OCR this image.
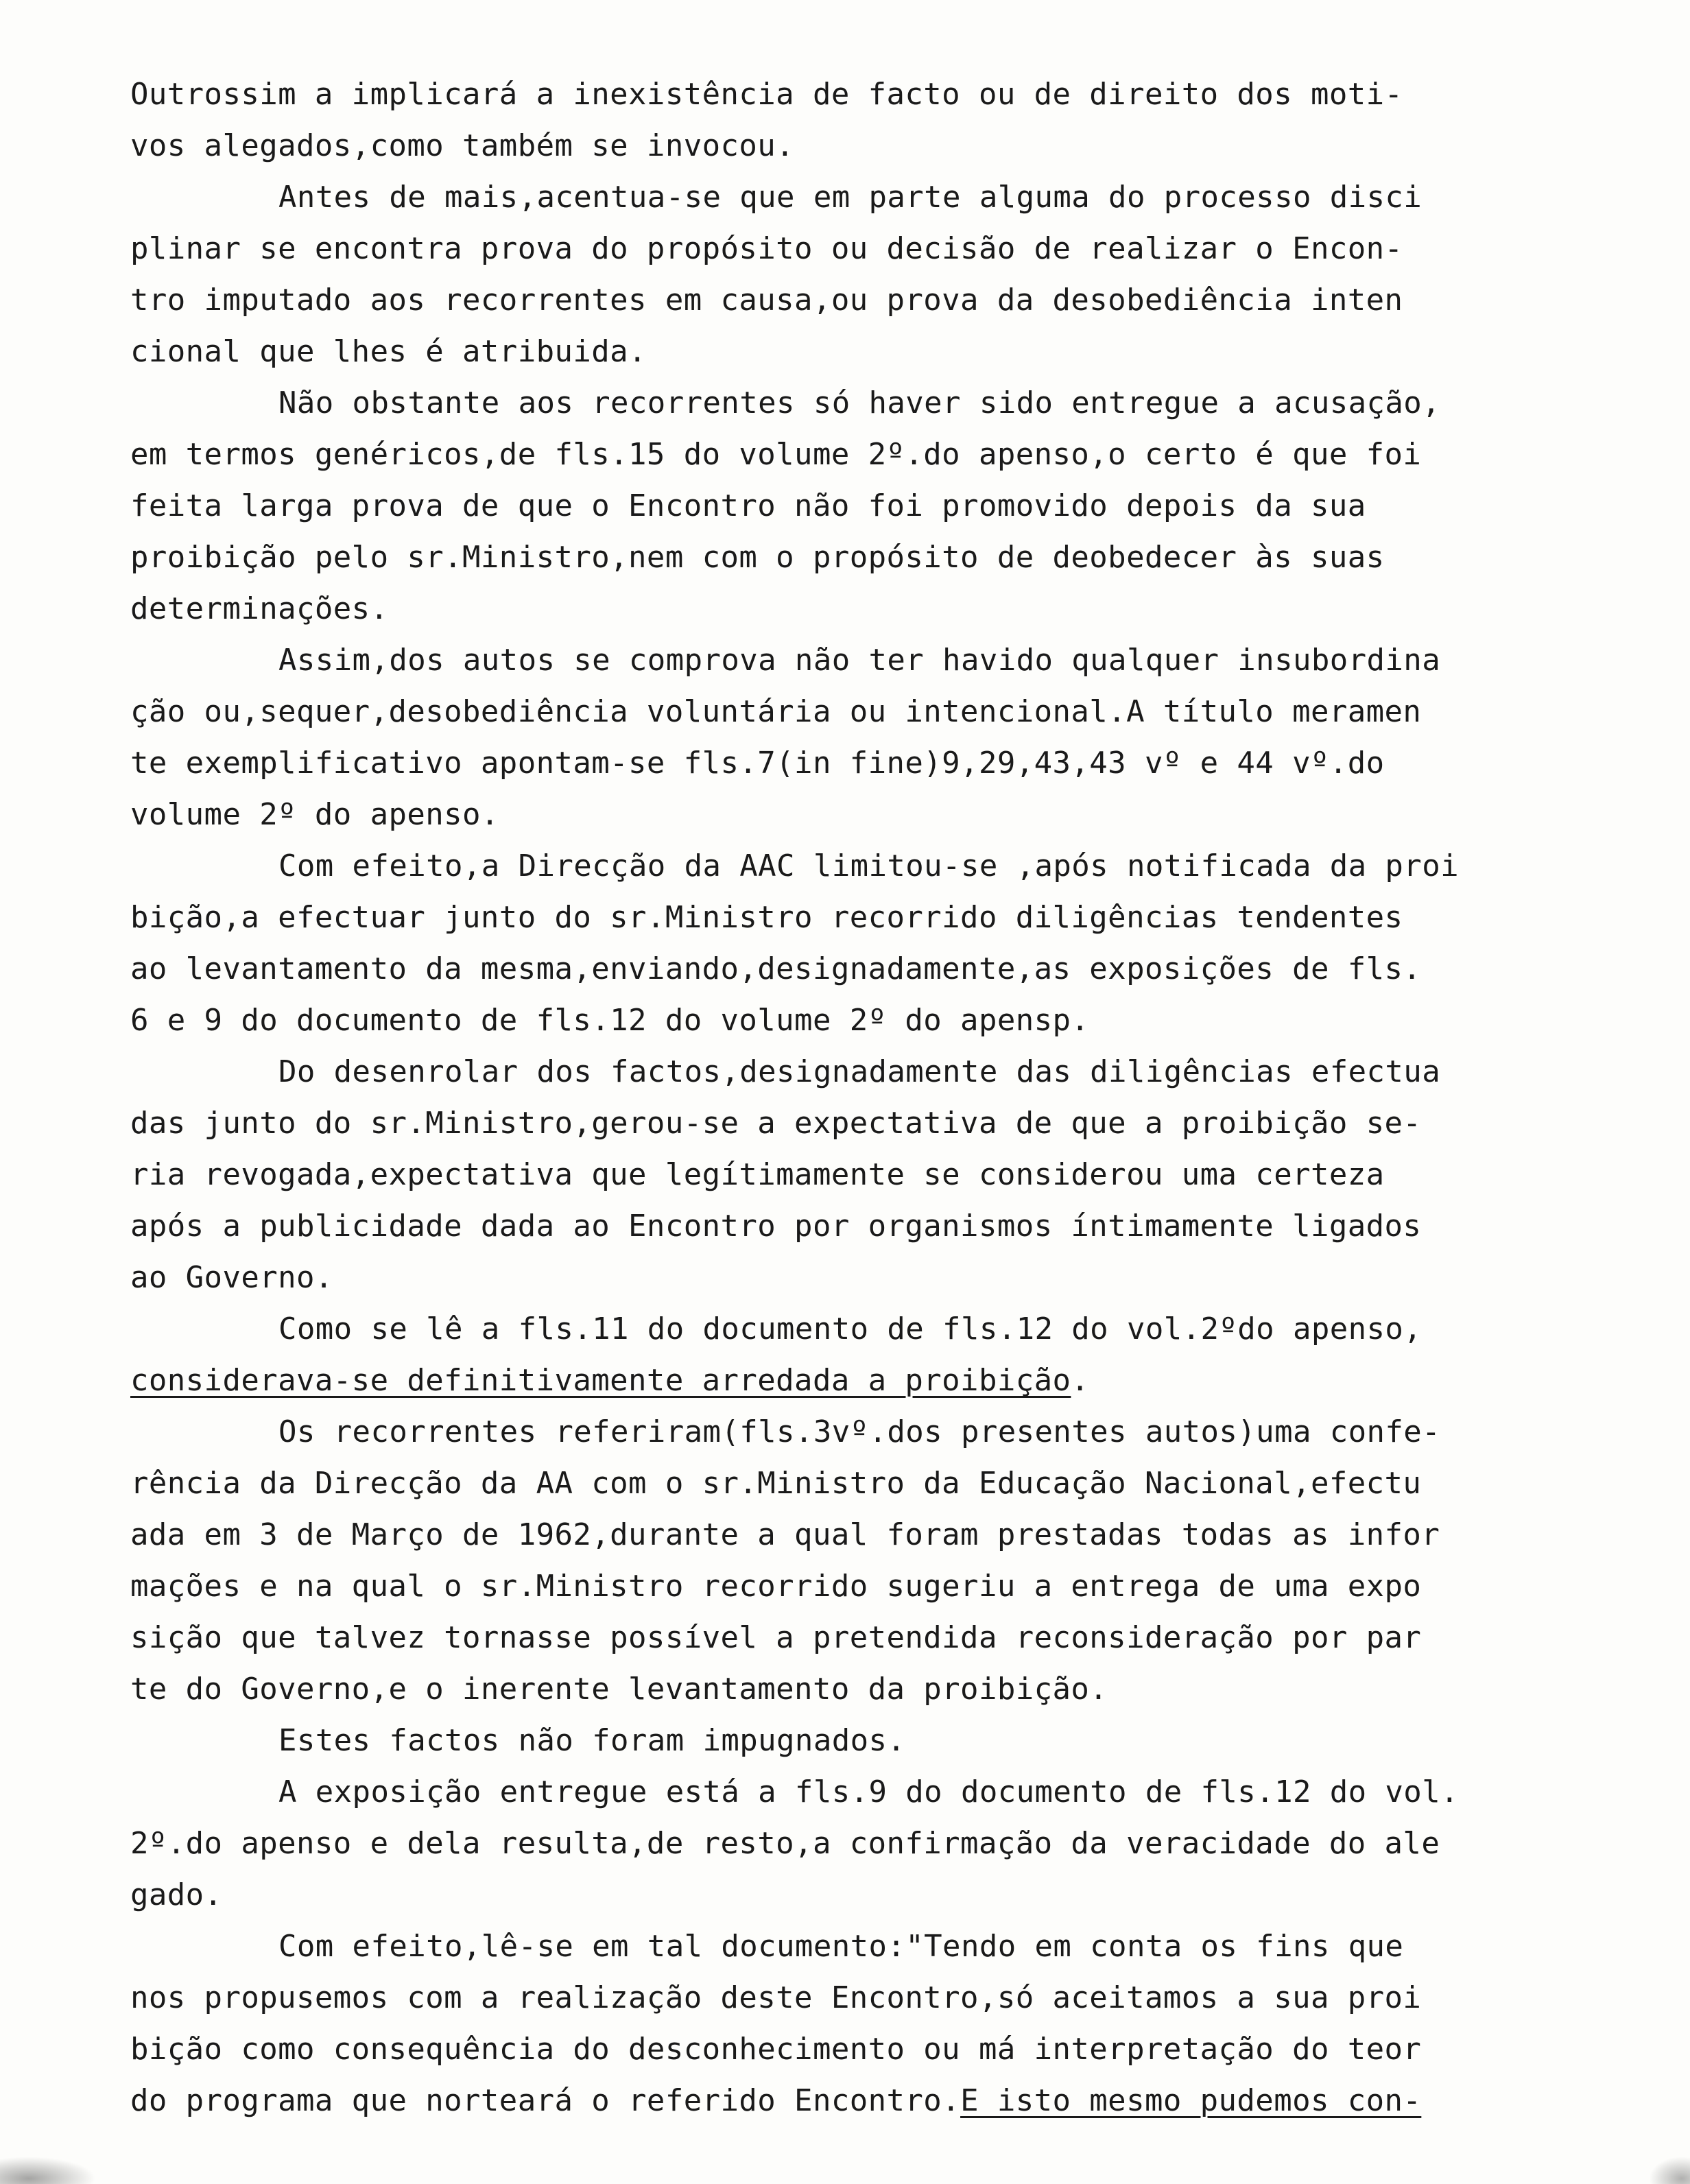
Outrossim a implicará a inexistência de facto ou de direito dos moti-
vos alegados,como também se invocou.
Antes de mais,acentua-se que em parte alguma do processo disci
plinar se encontra prova do propósito ou decisão de realizar o Encon-
tro imputado aos recorrentes em causa,ou prova da desobediência inten
cional que lhes é atribuida.
Não obstante aos recorrentes só haver sido entregue a acusação,
em termos genéricos,de fls.15 do volume 2º.do apenso,o certo é que foi
feita larga prova de que o Encontro não foi promovido depois da sua
proibição pelo sr.Ministro,nem com o propósito de deobedecer às suas
determinações.
Assim,dos autos se comprova não ter havido qualquer insubordina
ção ou,sequer,desobediência voluntária ou intencional.A título meramen
te exemplificativo apontam-se fls.7(in fine)9,29,43,43 vº e 44 vº.do
volume 2º do apenso.
Com efeito,a Direcção da AAC limitou-se ,após notificada da proi
bição,a efectuar junto do sr.Ministro recorrido diligências tendentes
ao levantamento da mesma,enviando,designadamente,as exposições de fls.
6 e 9 do documento de fls.12 do volume 2º do apensp.
Do desenrolar dos factos,designadamente das diligências efectua
das junto do sr.Ministro,gerou-se a expectativa de que a proibição se-
ria revogada,expectativa que legítimamente se considerou uma certeza
após a publicidade dada ao Encontro por organismos íntimamente ligados
ao Governo.
Como se lê a fls.11 do documento de fls.12 do vol.2ºdo apenso,
considerava-se definitivamente arredada a proibição.
Os recorrentes referiram(fls.3vº.dos presentes autos)uma confe-
rência da Direcção da AA com o sr.Ministro da Educação Nacional,efectu
ada em 3 de Março de 1962,durante a qual foram prestadas todas as infor
mações e na qual o sr.Ministro recorrido sugeriu a entrega de uma expo
sição que talvez tornasse possível a pretendida reconsideração por par
te do Governo,e o inerente levantamento da proibição.
Estes factos não foram impugnados.
A exposição entregue está a fls.9 do documento de fls.12 do vol.
2º.do apenso e dela resulta,de resto,a confirmação da veracidade do ale
gado.
Com efeito,lê-se em tal documento:"Tendo em conta os fins que
nos propusemos com a realização deste Encontro,só aceitamos a sua proi
bição como consequência do desconhecimento ou má interpretação do teor
do programa que norteará o referido Encontro.E isto mesmo pudemos con-
